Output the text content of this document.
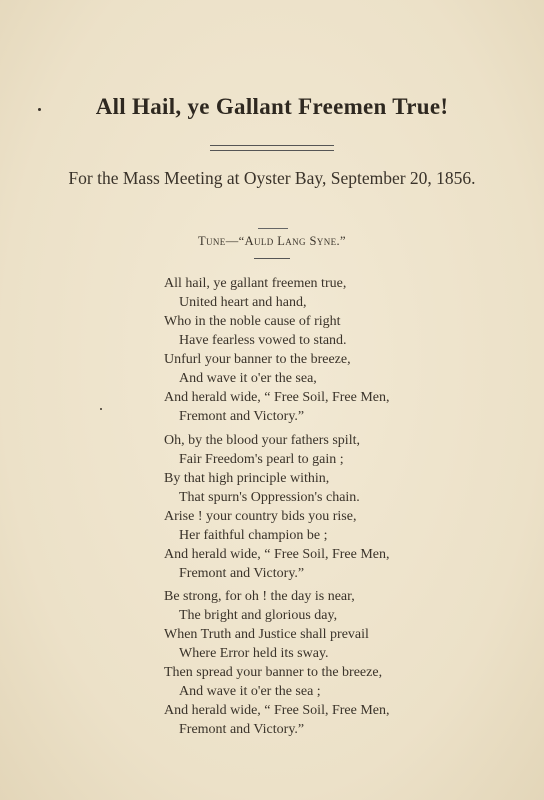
All Hail, ye Gallant Freemen True!
For the Mass Meeting at Oyster Bay, September 20, 1856.
Tune—“Auld Lang Syne.”
All hail, ye gallant freemen true,
United heart and hand,
Who in the noble cause of right
Have fearless vowed to stand.
Unfurl your banner to the breeze,
And wave it o'er the sea,
And herald wide, “ Free Soil, Free Men,
Fremont and Victory.”
Oh, by the blood your fathers spilt,
Fair Freedom's pearl to gain ;
By that high principle within,
That spurn's Oppression's chain.
Arise ! your country bids you rise,
Her faithful champion be ;
And herald wide, “ Free Soil, Free Men,
Fremont and Victory.”
Be strong, for oh ! the day is near,
The bright and glorious day,
When Truth and Justice shall prevail
Where Error held its sway.
Then spread your banner to the breeze,
And wave it o'er the sea ;
And herald wide, “ Free Soil, Free Men,
Fremont and Victory.”
